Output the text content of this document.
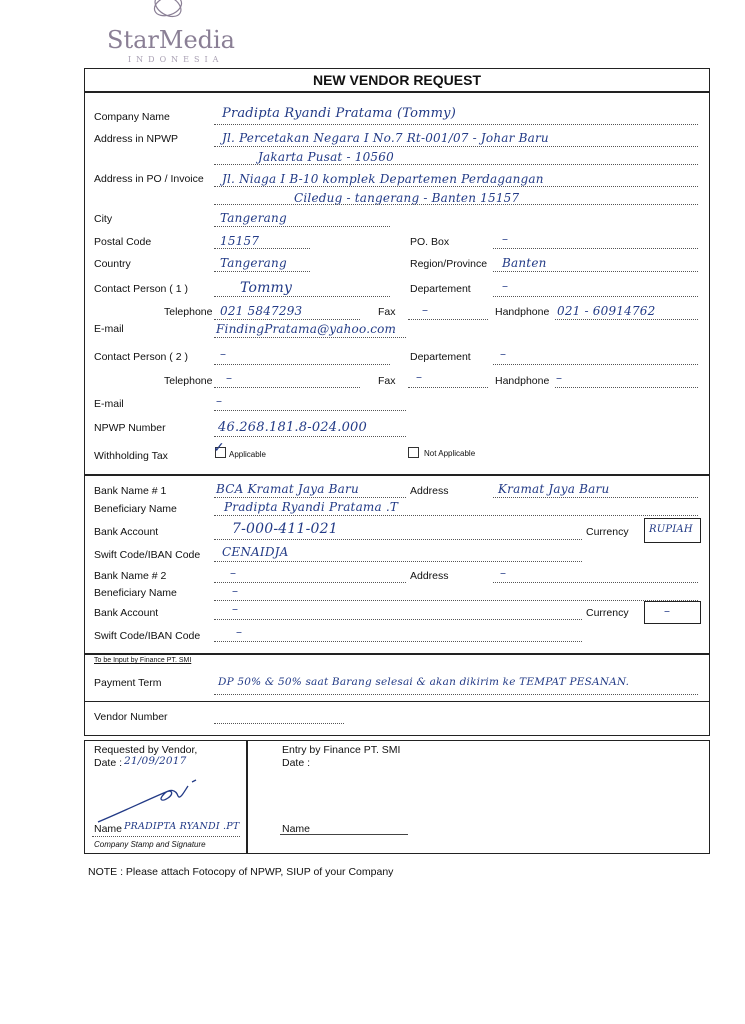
StarMedia
INDONESIA
NEW VENDOR REQUEST
Company Name	Pradipta Ryandi Pratama (Tommy)
Address in NPWP	Jl. Percetakan Negara I No.7 Rt-001/07 - Johar Baru
Jakarta Pusat - 10560
Address in PO / Invoice Jl. Niaga I B-10 komplek Departemen Perdagangan
Ciledug - tangerang - Banten 15157
City	Tangerang
Postal Code	15157	PO. Box	–
Country	Tangerang	Region/Province Banten
Contact Person ( 1 )	Tommy	Departement	–
Telephone 021 5847293	Fax –	Handphone 021 - 60914762
E-mail	FindingPratama@yahoo.com
Contact Person ( 2 )	–	Departement –
Telephone –	Fax –	Handphone –
E-mail	–
NPWP Number	46.268.181.8-024.000
Withholding Tax	✓ Applicable	Not Applicable
Bank Name # 1	BCA Kramat Jaya Baru	Address	Kramat Jaya Baru
Beneficiary Name	Pradipta Ryandi Pratama .T
Bank Account	7-000-411-021	Currency RUPIAH
Swift Code/IBAN Code CENAIDJA
Bank Name # 2	–	Address	–
Beneficiary Name	–
Bank Account	–	Currency	–
Swift Code/IBAN Code	–
To be Input by Finance PT. SMI
Payment Term	DP 50% & 50% saat Barang selesai & akan dikirim ke TEMPAT PESANAN.
Vendor Number
Requested by Vendor,
Date : 21/09/2017
Name PRADIPTA RYANDI .PT
Company Stamp and Signature
Entry by Finance PT. SMI
Date :
Name
NOTE : Please attach Fotocopy of NPWP, SIUP of your Company
